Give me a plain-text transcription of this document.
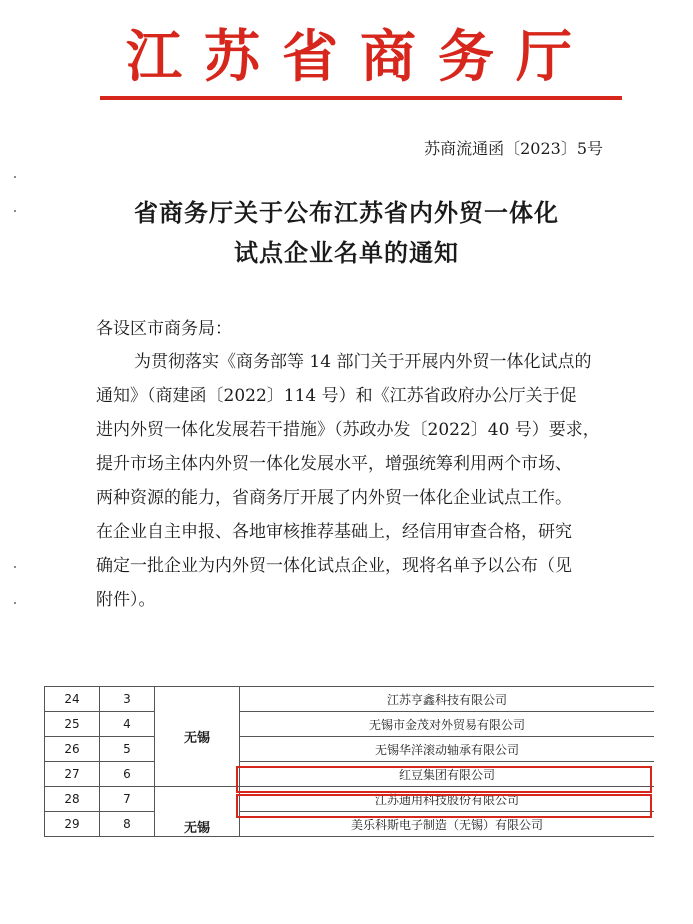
江苏省商务厅
苏商流通函〔2023〕5号
省商务厅关于公布江苏省内外贸一体化
试点企业名单的通知
各设区市商务局：
为贯彻落实《商务部等 14 部门关于开展内外贸一体化试点的
通知》（商建函〔2022〕114 号）和《江苏省政府办公厅关于促
进内外贸一体化发展若干措施》（苏政办发〔2022〕40 号）要求，
提升市场主体内外贸一体化发展水平，增强统筹利用两个市场、
两种资源的能力，省商务厅开展了内外贸一体化企业试点工作。
在企业自主申报、各地审核推荐基础上，经信用审查合格，研究
确定一批企业为内外贸一体化试点企业，现将名单予以公布（见
附件）。
24	3	无锡	江苏亨鑫科技有限公司
25	4		无锡市金茂对外贸易有限公司
26	5		无锡华洋滚动轴承有限公司
27	6		红豆集团有限公司
28	7	无锡	江苏通用科技股份有限公司
29	8		美乐科斯电子制造（无锡）有限公司
